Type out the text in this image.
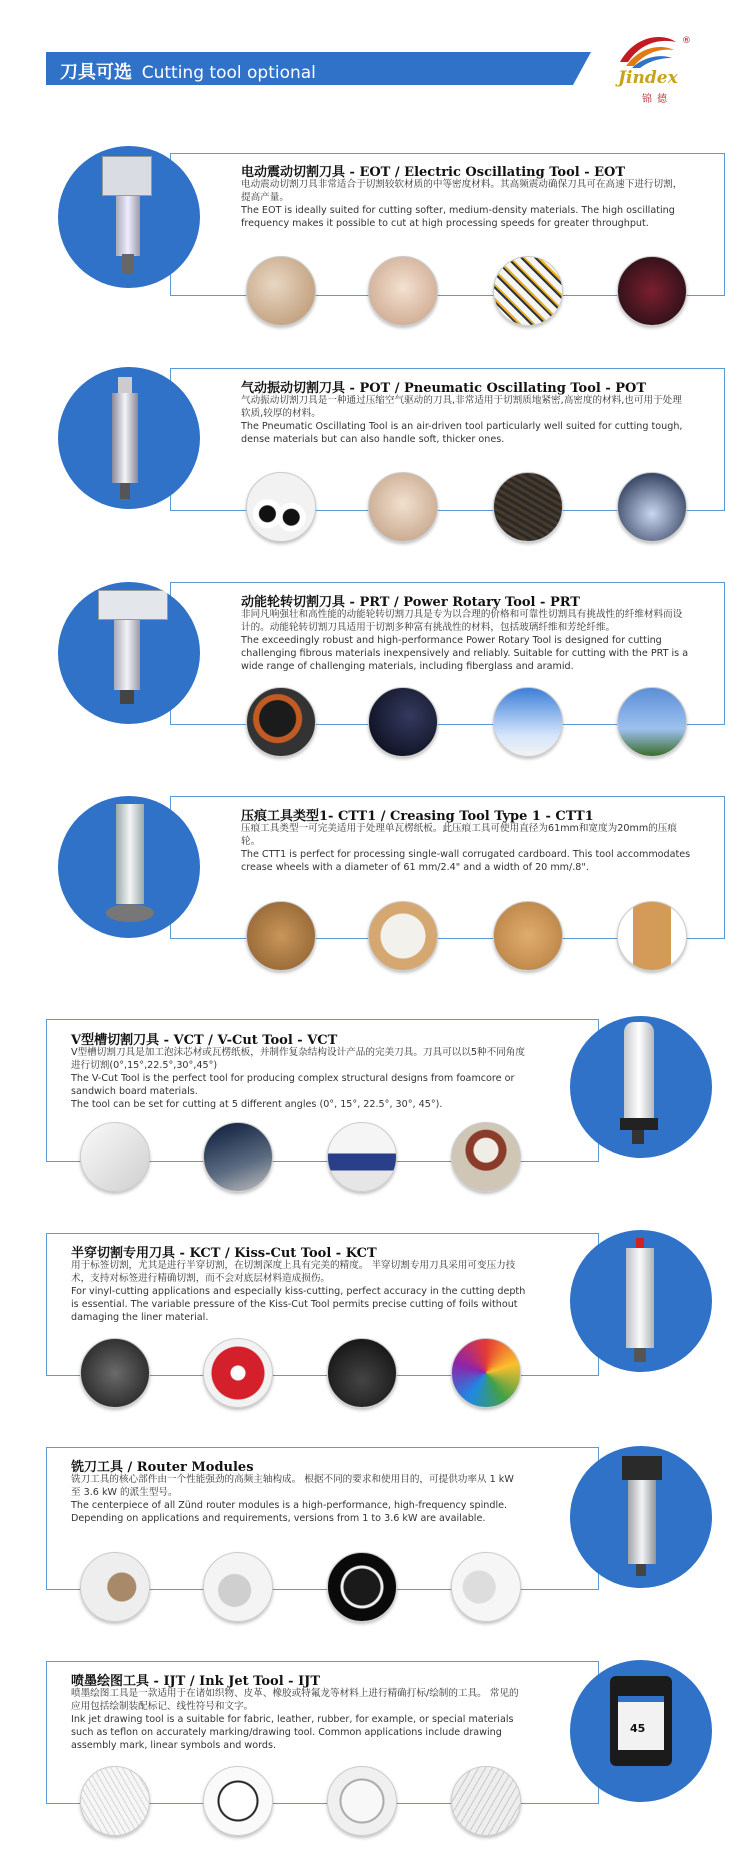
刀具可选 Cutting tool optional
®
Jindex
锦德
电动震动切割刀具 - EOT / Electric Oscillating Tool - EOT
电动震动切割刀具非常适合于切割较软材质的中等密度材料。其高频震动确保刀具可在高速下进行切割，提高产量。
The EOT is ideally suited for cutting softer, medium-density materials. The high oscillating frequency makes it possible to cut at high processing speeds for greater throughput.
气动振动切割刀具 - POT / Pneumatic Oscillating Tool - POT
气动振动切割刀具是一种通过压缩空气驱动的刀具,非常适用于切割质地紧密,高密度的材料,也可用于处理软质,较厚的材料。
The Pneumatic Oscillating Tool is an air-driven tool particularly well suited for cutting tough, dense materials but can also handle soft, thicker ones.
动能轮转切割刀具 - PRT / Power Rotary Tool - PRT
非同凡响强壮和高性能的动能轮转切割刀具是专为以合理的价格和可靠性切割具有挑战性的纤维材料而设计的。动能轮转切割刀具适用于切割多种富有挑战性的材料，包括玻璃纤维和芳纶纤维。
The exceedingly robust and high-performance Power Rotary Tool is designed for cutting challenging fibrous materials inexpensively and reliably. Suitable for cutting with the PRT is a wide range of challenging materials, including fiberglass and aramid.
压痕工具类型1- CTT1 / Creasing Tool Type 1 - CTT1
压痕工具类型一可完美适用于处理单瓦楞纸板。此压痕工具可使用直径为61mm和宽度为20mm的压痕轮。
The CTT1 is perfect for processing single-wall corrugated cardboard. This tool accommodates crease wheels with a diameter of 61 mm/2.4" and a width of 20 mm/.8".
V型槽切割刀具 - VCT / V-Cut Tool - VCT
V型槽切割刀具是加工泡沫芯材或瓦楞纸板，并制作复杂结构设计产品的完美刀具。刀具可以以5种不同角度进行切割(0°,15°,22.5°,30°,45°)
The V-Cut Tool is the perfect tool for producing complex structural designs from foamcore or sandwich board materials.
The tool can be set for cutting at 5 different angles (0°, 15°, 22.5°, 30°, 45°).
半穿切割专用刀具 - KCT / Kiss-Cut Tool - KCT
用于标签切割，尤其是进行半穿切割，在切割深度上具有完美的精度。 半穿切割专用刀具采用可变压力技术，支持对标签进行精确切割，而不会对底层材料造成损伤。
For vinyl-cutting applications and especially kiss-cutting, perfect accuracy in the cutting depth is essential. The variable pressure of the Kiss-Cut Tool permits precise cutting of foils without damaging the liner material.
铣刀工具 / Router Modules
铣刀工具的核心部件由一个性能强劲的高频主轴构成。 根据不同的要求和使用目的，可提供功率从 1 kW 至 3.6 kW 的派生型号。
The centerpiece of all Zünd router modules is a high-performance, high-frequency spindle. Depending on applications and requirements, versions from 1 to 3.6 kW are available.
45
喷墨绘图工具 - IJT / Ink Jet Tool - IJT
喷墨绘图工具是一款适用于在诸如织物、皮革、橡胶或特氟龙等材料上进行精确打标/绘制的工具。 常见的应用包括绘制装配标记、线性符号和文字。
Ink jet drawing tool is a suitable for fabric, leather, rubber, for example, or special materials such as teflon on accurately marking/drawing tool. Common applications include drawing assembly mark, linear symbols and words.
